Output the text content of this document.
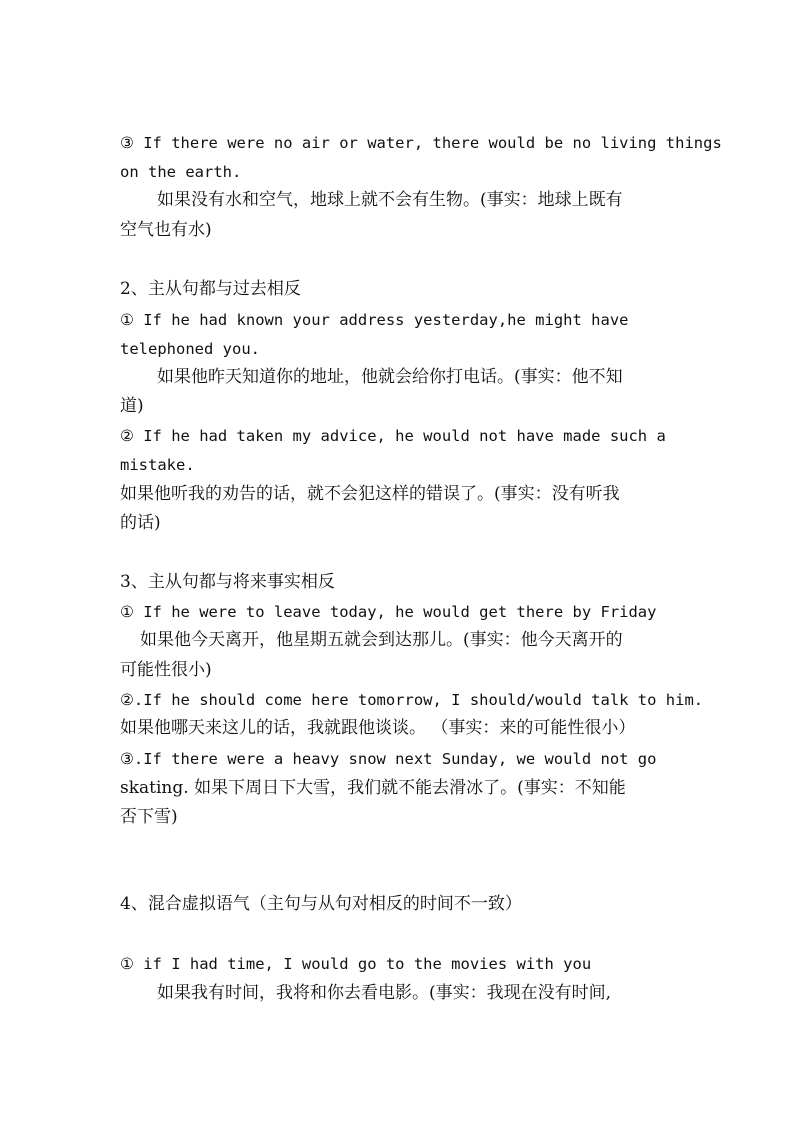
③ If there were no air or water, there would be no living things
on the earth.
如果没有水和空气，地球上就不会有生物。(事实：地球上既有
空气也有水)
2、主从句都与过去相反
① If he had known your address yesterday,he might have
telephoned you.
如果他昨天知道你的地址，他就会给你打电话。(事实：他不知
道)
② If he had taken my advice, he would not have made such a
mistake.
如果他听我的劝告的话，就不会犯这样的错误了。(事实：没有听我
的话)
3、主从句都与将来事实相反
① If he were to leave today, he would get there by Friday
如果他今天离开，他星期五就会到达那儿。(事实：他今天离开的
可能性很小)
②.If he should come here tomorrow, I should/would talk to him.
如果他哪天来这儿的话，我就跟他谈谈。 （事实：来的可能性很小）
③.If there were a heavy snow next Sunday, we would not go
skating. 如果下周日下大雪，我们就不能去滑冰了。(事实：不知能
否下雪)
4、混合虚拟语气（主句与从句对相反的时间不一致）
① if I had time, I would go to the movies with you
如果我有时间，我将和你去看电影。(事实：我现在没有时间,
